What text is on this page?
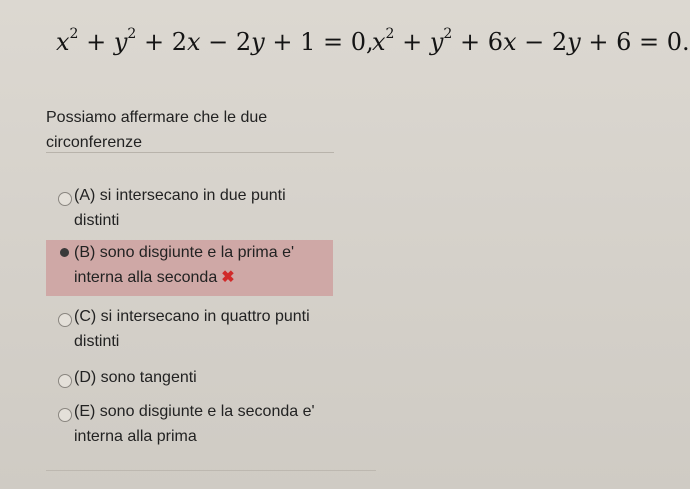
$x^2 + y^2 + 2x - 2y + 1 = 0$,
$x^2 + y^2 + 6x - 2y + 6 = 0$.
Possiamo affermare che le due circonferenze
(A) si intersecano in due punti distinti
(B) sono disgiunte e la prima e' interna alla seconda ✖
(C) si intersecano in quattro punti distinti
(D) sono tangenti
(E) sono disgiunte e la seconda e' interna alla prima
